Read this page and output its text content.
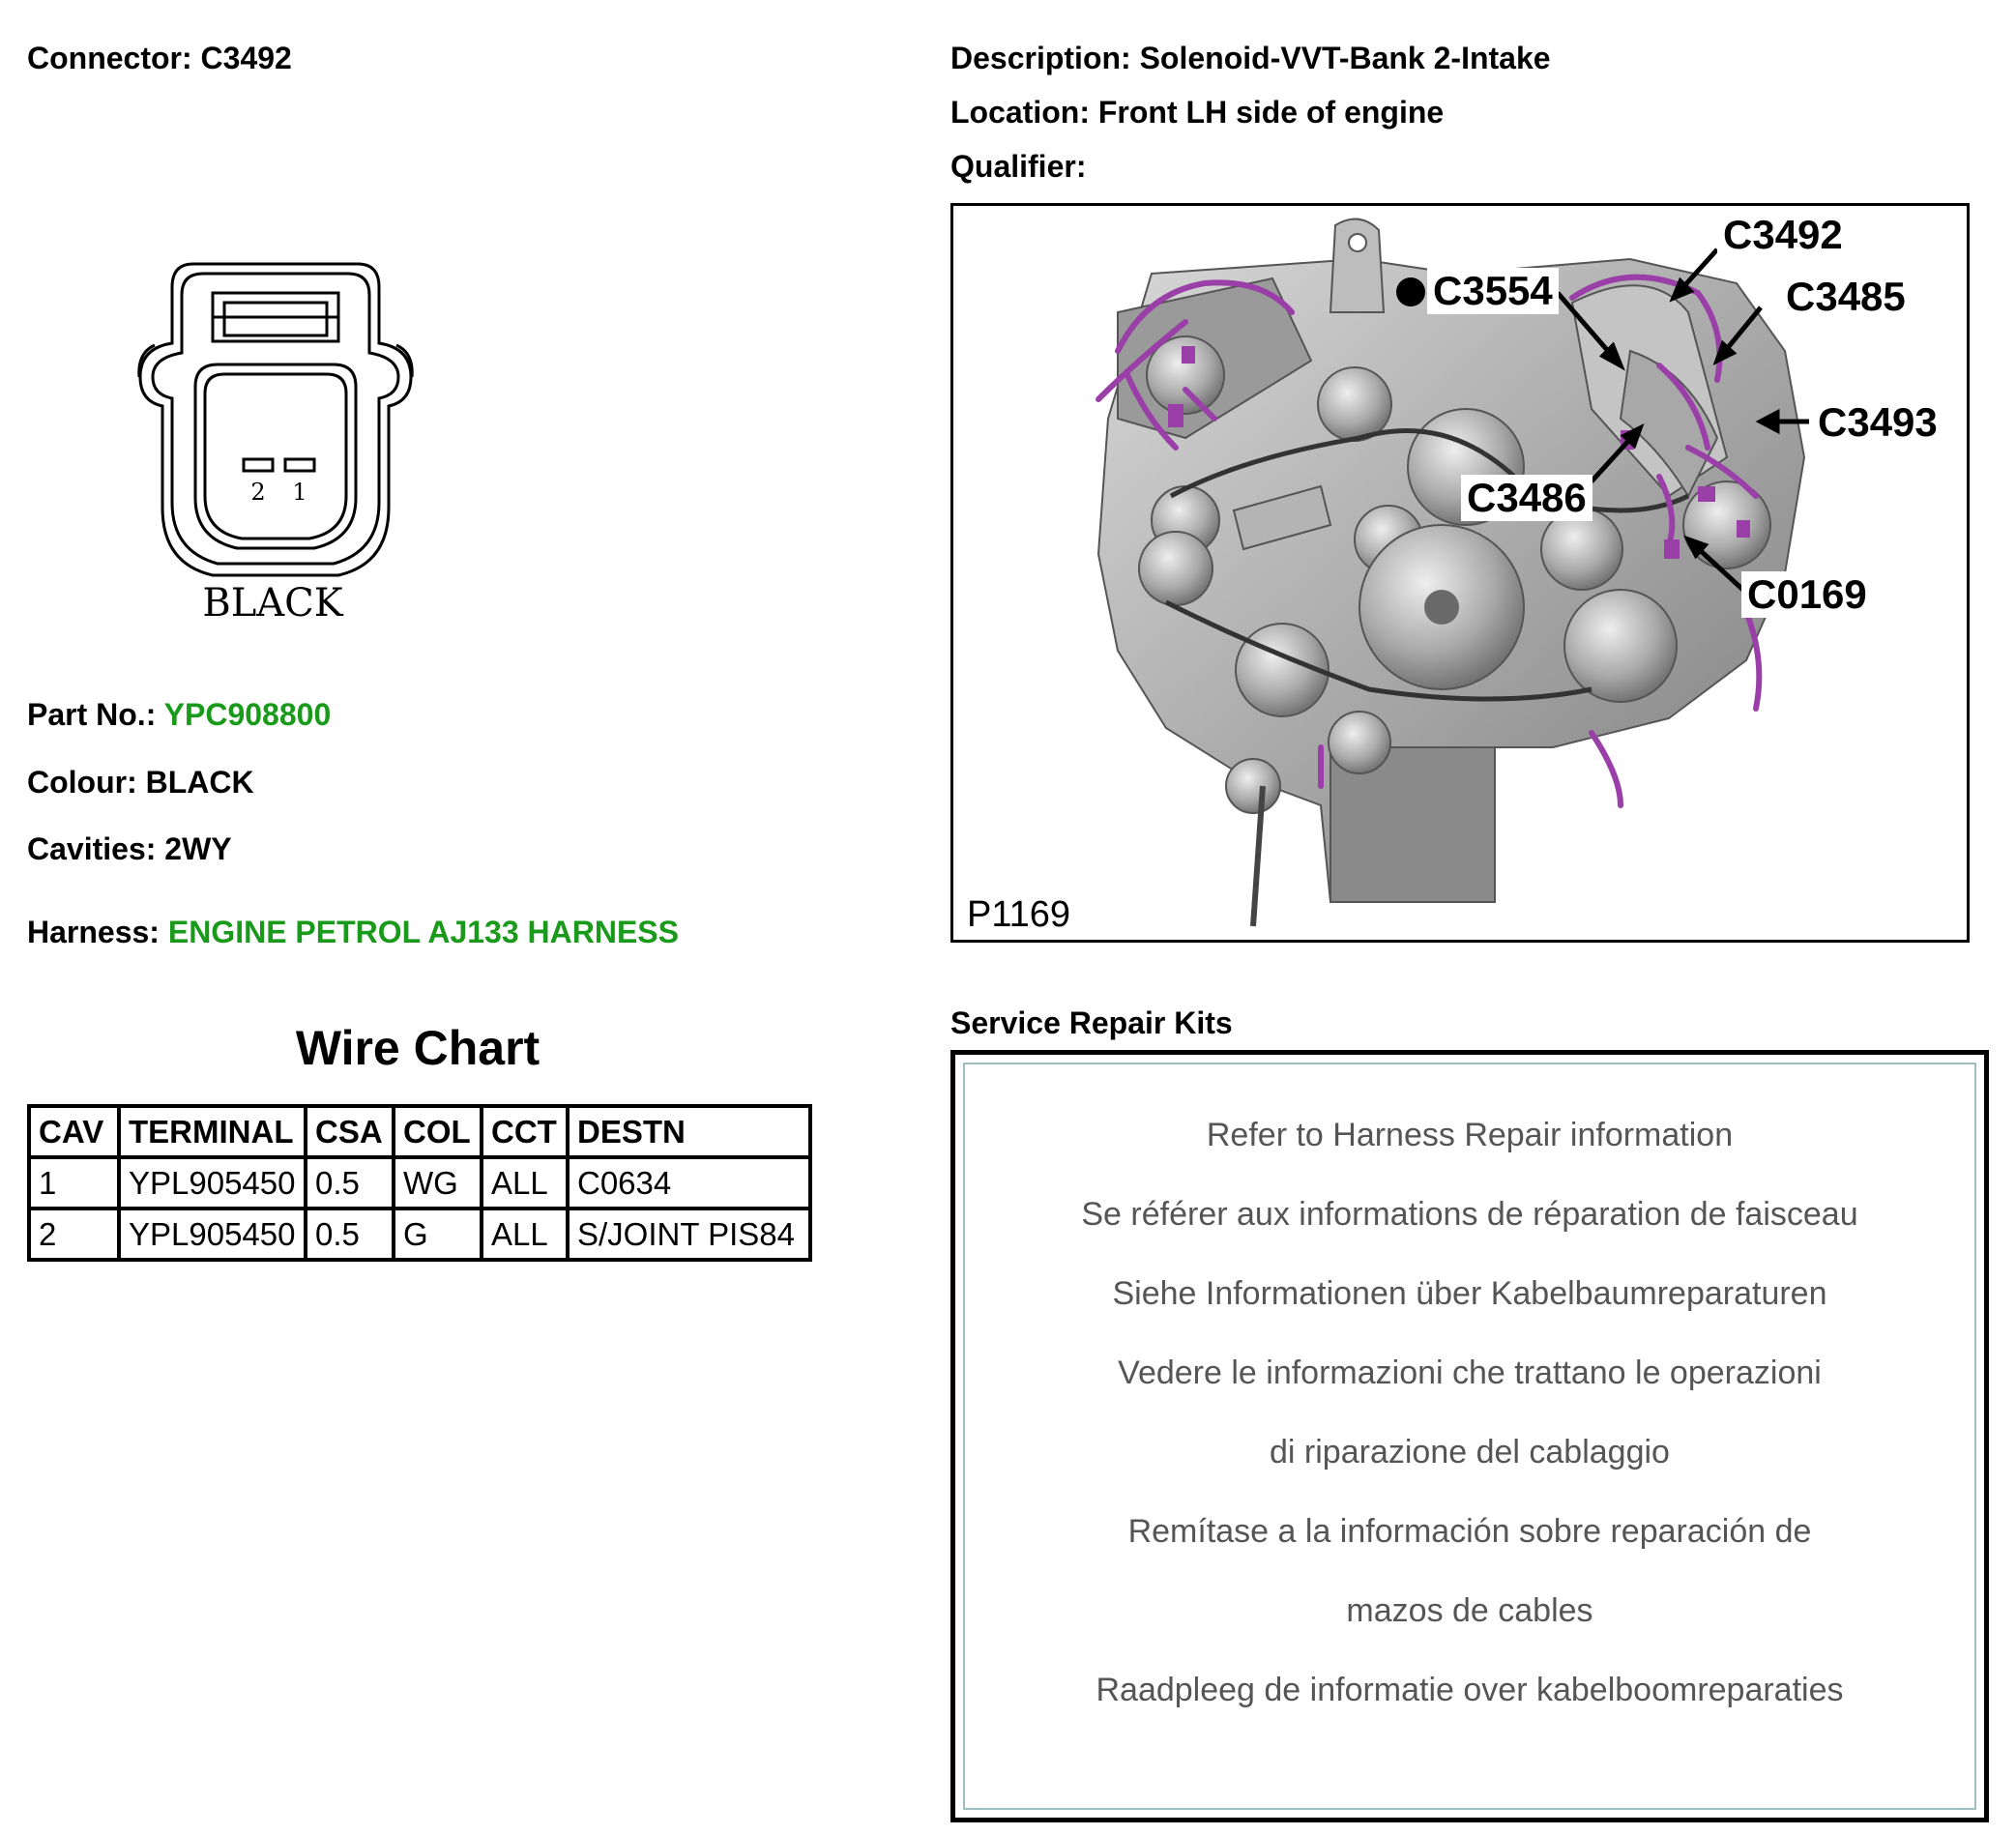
Connector: C3492
2 1
BLACK
Part No.: YPC908800
Colour: BLACK
Cavities: 2WY
Harness: ENGINE PETROL AJ133 HARNESS
Wire Chart
CAV	TERMINAL	CSA	COL	CCT	DESTN
1	YPL905450	0.5	WG	ALL	C0634
2	YPL905450	0.5	G	ALL	S/JOINT PIS84
Description: Solenoid-VVT-Bank 2-Intake
Location: Front LH side of engine
Qualifier:
C3554
C3492
C3485
C3493
C3486
C0169
P1169
Service Repair Kits
Refer to Harness Repair information
Se référer aux informations de réparation de faisceau
Siehe Informationen über Kabelbaumreparaturen
Vedere le informazioni che trattano le operazioni
di riparazione del cablaggio
Remítase a la información sobre reparación de
mazos de cables
Raadpleeg de informatie over kabelboomreparaties
